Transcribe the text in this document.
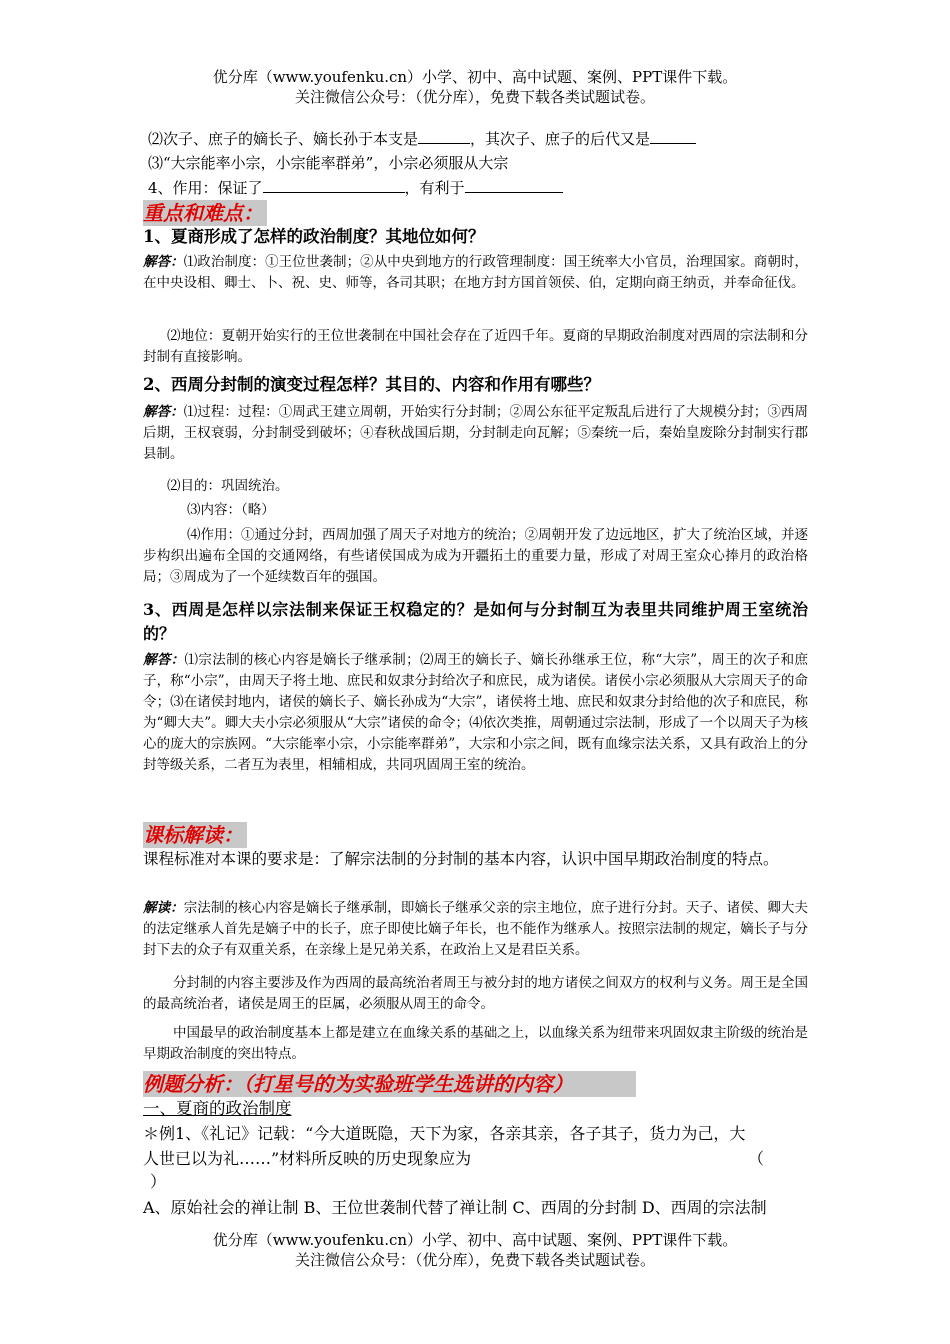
优分库（www.youfenku.cn）小学、初中、高中试题、案例、PPT课件下载。
关注微信公众号：（优分库），免费下载各类试题试卷。
⑵次子、庶子的嫡长子、嫡长孙于本支是	，其次子、庶子的后代又是
⑶“大宗能率小宗，小宗能率群弟”，小宗必须服从大宗
4、作用：保证了	，有利于
重点和难点：
1、夏商形成了怎样的政治制度？其地位如何？
解答：⑴政治制度：①王位世袭制；②从中央到地方的行政管理制度：国王统率大小官员，治理国家。商朝时，在中央设相、卿士、卜、祝、史、师等，各司其职；在地方封方国首领侯、伯，定期向商王纳贡，并奉命征伐。
⑵地位：夏朝开始实行的王位世袭制在中国社会存在了近四千年。夏商的早期政治制度对西周的宗法制和分封制有直接影响。
2、西周分封制的演变过程怎样？其目的、内容和作用有哪些？
解答：⑴过程：过程：①周武王建立周朝，开始实行分封制；②周公东征平定叛乱后进行了大规模分封；③西周后期，王权衰弱，分封制受到破坏；④春秋战国后期，分封制走向瓦解；⑤秦统一后，秦始皇废除分封制实行郡县制。
⑵目的：巩固统治。
⑶内容：（略）
⑷作用：①通过分封，西周加强了周天子对地方的统治；②周朝开发了边远地区，扩大了统治区域，并逐步构织出遍布全国的交通网络，有些诸侯国成为成为开疆拓土的重要力量，形成了对周王室众心捧月的政治格局；③周成为了一个延续数百年的强国。
3、西周是怎样以宗法制来保证王权稳定的？是如何与分封制互为表里共同维护周王室统治的？
解答：⑴宗法制的核心内容是嫡长子继承制；⑵周王的嫡长子、嫡长孙继承王位，称“大宗”，周王的次子和庶子，称“小宗”，由周天子将土地、庶民和奴隶分封给次子和庶民，成为诸侯。诸侯小宗必须服从大宗周天子的命令；⑶在诸侯封地内，诸侯的嫡长子、嫡长孙成为“大宗”，诸侯将土地、庶民和奴隶分封给他的次子和庶民，称为“卿大夫”。卿大夫小宗必须服从“大宗”诸侯的命令；⑷依次类推，周朝通过宗法制，形成了一个以周天子为核心的庞大的宗族网。“大宗能率小宗，小宗能率群弟”，大宗和小宗之间，既有血缘宗法关系，又具有政治上的分封等级关系，二者互为表里，相辅相成，共同巩固周王室的统治。
课标解读：
课程标准对本课的要求是：了解宗法制的分封制的基本内容，认识中国早期政治制度的特点。
解读：宗法制的核心内容是嫡长子继承制，即嫡长子继承父亲的宗主地位，庶子进行分封。天子、诸侯、卿大夫的法定继承人首先是嫡子中的长子，庶子即使比嫡子年长，也不能作为继承人。按照宗法制的规定，嫡长子与分封下去的众子有双重关系，在亲缘上是兄弟关系，在政治上又是君臣关系。
分封制的内容主要涉及作为西周的最高统治者周王与被分封的地方诸侯之间双方的权利与义务。周王是全国的最高统治者，诸侯是周王的臣属，必须服从周王的命令。
中国最早的政治制度基本上都是建立在血缘关系的基础之上，以血缘关系为纽带来巩固奴隶主阶级的统治是早期政治制度的突出特点。
例题分析：（打星号的为实验班学生选讲的内容）
一、夏商的政治制度
＊例1、《礼记》记载：“今大道既隐，天下为家，各亲其亲，各子其子，货力为己，大
人世已以为礼……”材料所反映的历史现象应为	（
）
A、原始社会的禅让制 B、王位世袭制代替了禅让制 C、西周的分封制 D、西周的宗法制
优分库（www.youfenku.cn）小学、初中、高中试题、案例、PPT课件下载。
关注微信公众号：（优分库），免费下载各类试题试卷。
